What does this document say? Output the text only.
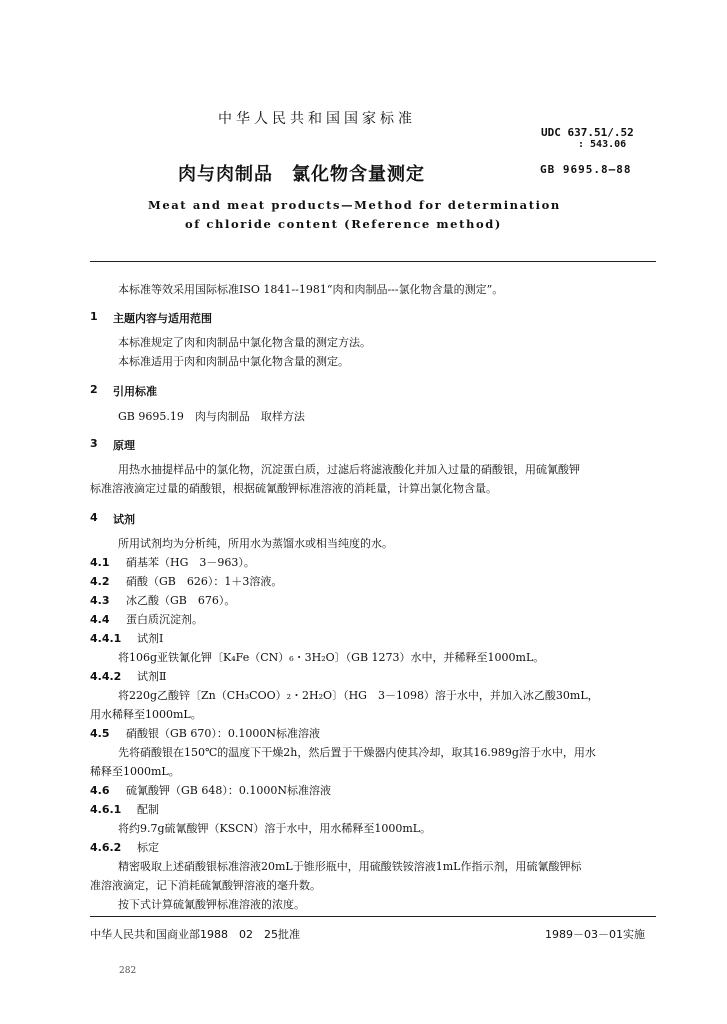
中华人民共和国国家标准
UDC 637.51/.52
: 543.06
肉与肉制品　氯化物含量测定	GB 9695.8—88
Meat and meat products—Method for determination
of chloride content (Reference method)
本标准等效采用国际标准ISO 1841--1981“肉和肉制品---氯化物含量的测定”。
1 主题内容与适用范围
本标准规定了肉和肉制品中氯化物含量的测定方法。
本标准适用于肉和肉制品中氯化物含量的测定。
2 引用标准
GB 9695.19　肉与肉制品　取样方法
3 原理
用热水抽提样品中的氯化物，沉淀蛋白质，过滤后将滤液酸化并加入过量的硝酸银，用硫氰酸钾
标准溶液滴定过量的硝酸银，根据硫氰酸钾标准溶液的消耗量，计算出氯化物含量。
4 试剂
所用试剂均为分析纯，所用水为蒸馏水或相当纯度的水。
4.1 硝基苯（HG　3－963）。
4.2 硝酸（GB　626）：1＋3溶液。
4.3 冰乙酸（GB　676）。
4.4 蛋白质沉淀剂。
4.4.1 试剂Ⅰ
将106g亚铁氰化钾〔K₄Fe（CN）₆・3H₂O〕（GB 1273）水中，并稀释至1000mL。
4.4.2 试剂Ⅱ
将220g乙酸锌〔Zn（CH₃COO）₂・2H₂O〕（HG　3－1098）溶于水中，并加入冰乙酸30mL，
用水稀释至1000mL。
4.5 硝酸银（GB 670）：0.1000N标准溶液
先将硝酸银在150℃的温度下干燥2h，然后置于干燥器内使其冷却，取其16.989g溶于水中，用水
稀释至1000mL。
4.6 硫氰酸钾（GB 648）：0.1000N标准溶液
4.6.1 配制
将约9.7g硫氰酸钾（KSCN）溶于水中，用水稀释至1000mL。
4.6.2 标定
精密吸取上述硝酸银标准溶液20mL于锥形瓶中，用硫酸铁铵溶液1mL作指示剂，用硫氰酸钾标
准溶液滴定，记下消耗硫氰酸钾溶液的毫升数。
按下式计算硫氰酸钾标准溶液的浓度。
中华人民共和国商业部1988　02　25批准	1989－03－01实施
282
